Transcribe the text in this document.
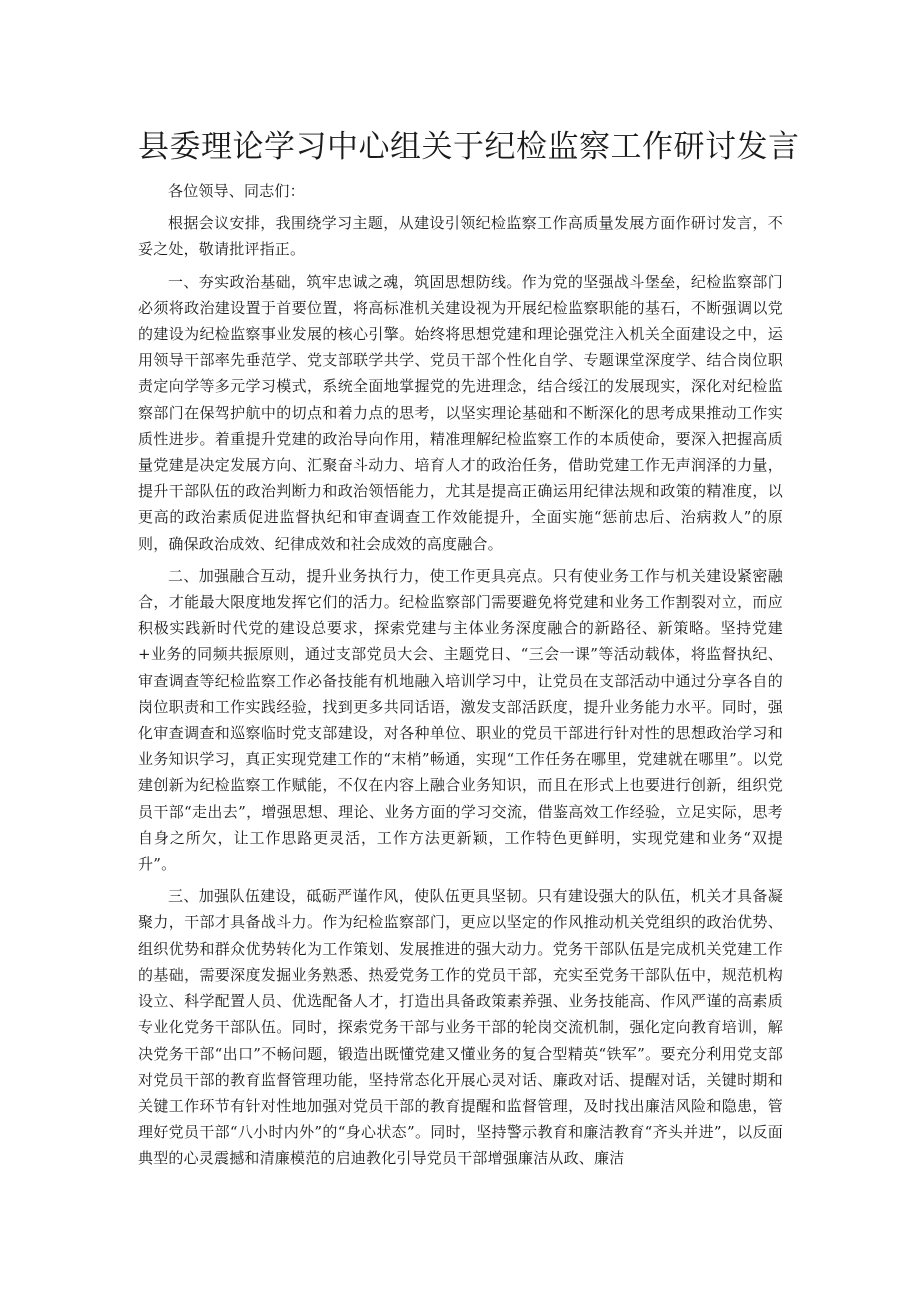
县委理论学习中心组关于纪检监察工作研讨发言

各位领导、同志们：

根据会议安排，我围绕学习主题，从建设引领纪检监察工作高质量发展方面作研讨发言，不妥之处，敬请批评指正。

一、夯实政治基础，筑牢忠诚之魂，筑固思想防线。作为党的坚强战斗堡垒，纪检监察部门必须将政治建设置于首要位置，将高标准机关建设视为开展纪检监察职能的基石，不断强调以党的建设为纪检监察事业发展的核心引擎。始终将思想党建和理论强党注入机关全面建设之中，运用领导干部率先垂范学、党支部联学共学、党员干部个性化自学、专题课堂深度学、结合岗位职责定向学等多元学习模式，系统全面地掌握党的先进理念，结合绥江的发展现实，深化对纪检监察部门在保驾护航中的切点和着力点的思考，以坚实理论基础和不断深化的思考成果推动工作实质性进步。着重提升党建的政治导向作用，精准理解纪检监察工作的本质使命，要深入把握高质量党建是决定发展方向、汇聚奋斗动力、培育人才的政治任务，借助党建工作无声润泽的力量，提升干部队伍的政治判断力和政治领悟能力，尤其是提高正确运用纪律法规和政策的精准度，以更高的政治素质促进监督执纪和审查调查工作效能提升，全面实施“惩前忠后、治病救人”的原则，确保政治成效、纪律成效和社会成效的高度融合。

二、加强融合互动，提升业务执行力，使工作更具亮点。只有使业务工作与机关建设紧密融合，才能最大限度地发挥它们的活力。纪检监察部门需要避免将党建和业务工作割裂对立，而应积极实践新时代党的建设总要求，探索党建与主体业务深度融合的新路径、新策略。坚持党建+业务的同频共振原则，通过支部党员大会、主题党日、“三会一课”等活动载体，将监督执纪、审查调查等纪检监察工作必备技能有机地融入培训学习中，让党员在支部活动中通过分享各自的岗位职责和工作实践经验，找到更多共同话语，激发支部活跃度，提升业务能力水平。同时，强化审查调查和巡察临时党支部建设，对各种单位、职业的党员干部进行针对性的思想政治学习和业务知识学习，真正实现党建工作的“末梢”畅通，实现“工作任务在哪里，党建就在哪里”。以党建创新为纪检监察工作赋能，不仅在内容上融合业务知识，而且在形式上也要进行创新，组织党员干部“走出去”，增强思想、理论、业务方面的学习交流，借鉴高效工作经验，立足实际，思考自身之所欠，让工作思路更灵活，工作方法更新颖，工作特色更鲜明，实现党建和业务“双提升”。

三、加强队伍建设，砥砺严谨作风，使队伍更具坚韧。只有建设强大的队伍，机关才具备凝聚力，干部才具备战斗力。作为纪检监察部门，更应以坚定的作风推动机关党组织的政治优势、组织优势和群众优势转化为工作策划、发展推进的强大动力。党务干部队伍是完成机关党建工作的基础，需要深度发掘业务熟悉、热爱党务工作的党员干部，充实至党务干部队伍中，规范机构设立、科学配置人员、优选配备人才，打造出具备政策素养强、业务技能高、作风严谨的高素质专业化党务干部队伍。同时，探索党务干部与业务干部的轮岗交流机制，强化定向教育培训，解决党务干部“出口”不畅问题，锻造出既懂党建又懂业务的复合型精英“铁军”。要充分利用党支部对党员干部的教育监督管理功能，坚持常态化开展心灵对话、廉政对话、提醒对话，关键时期和关键工作环节有针对性地加强对党员干部的教育提醒和监督管理，及时找出廉洁风险和隐患，管理好党员干部“八小时内外”的“身心状态”。同时，坚持警示教育和廉洁教育“齐头并进”，以反面典型的心灵震撼和清廉模范的启迪教化引导党员干部增强廉洁从政、廉洁
